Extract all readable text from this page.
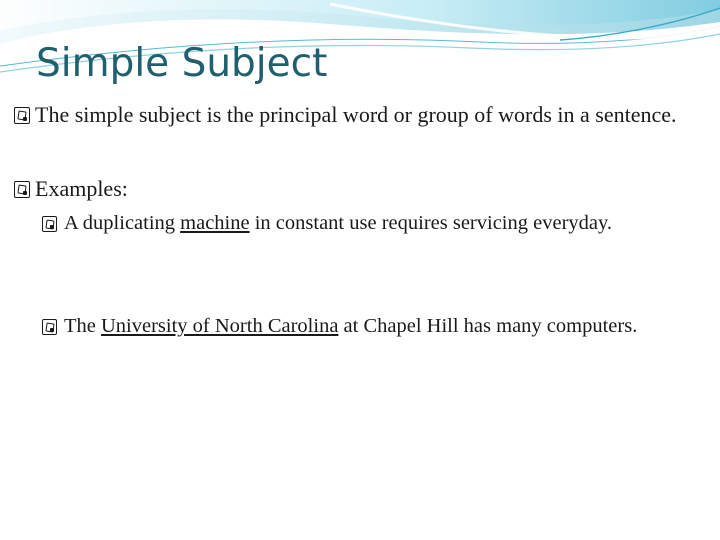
Simple Subject
The simple subject is the principal word or group of words in a sentence.
Examples:
A duplicating machine in constant use requires servicing everyday.
The University of North Carolina at Chapel Hill has many computers.
